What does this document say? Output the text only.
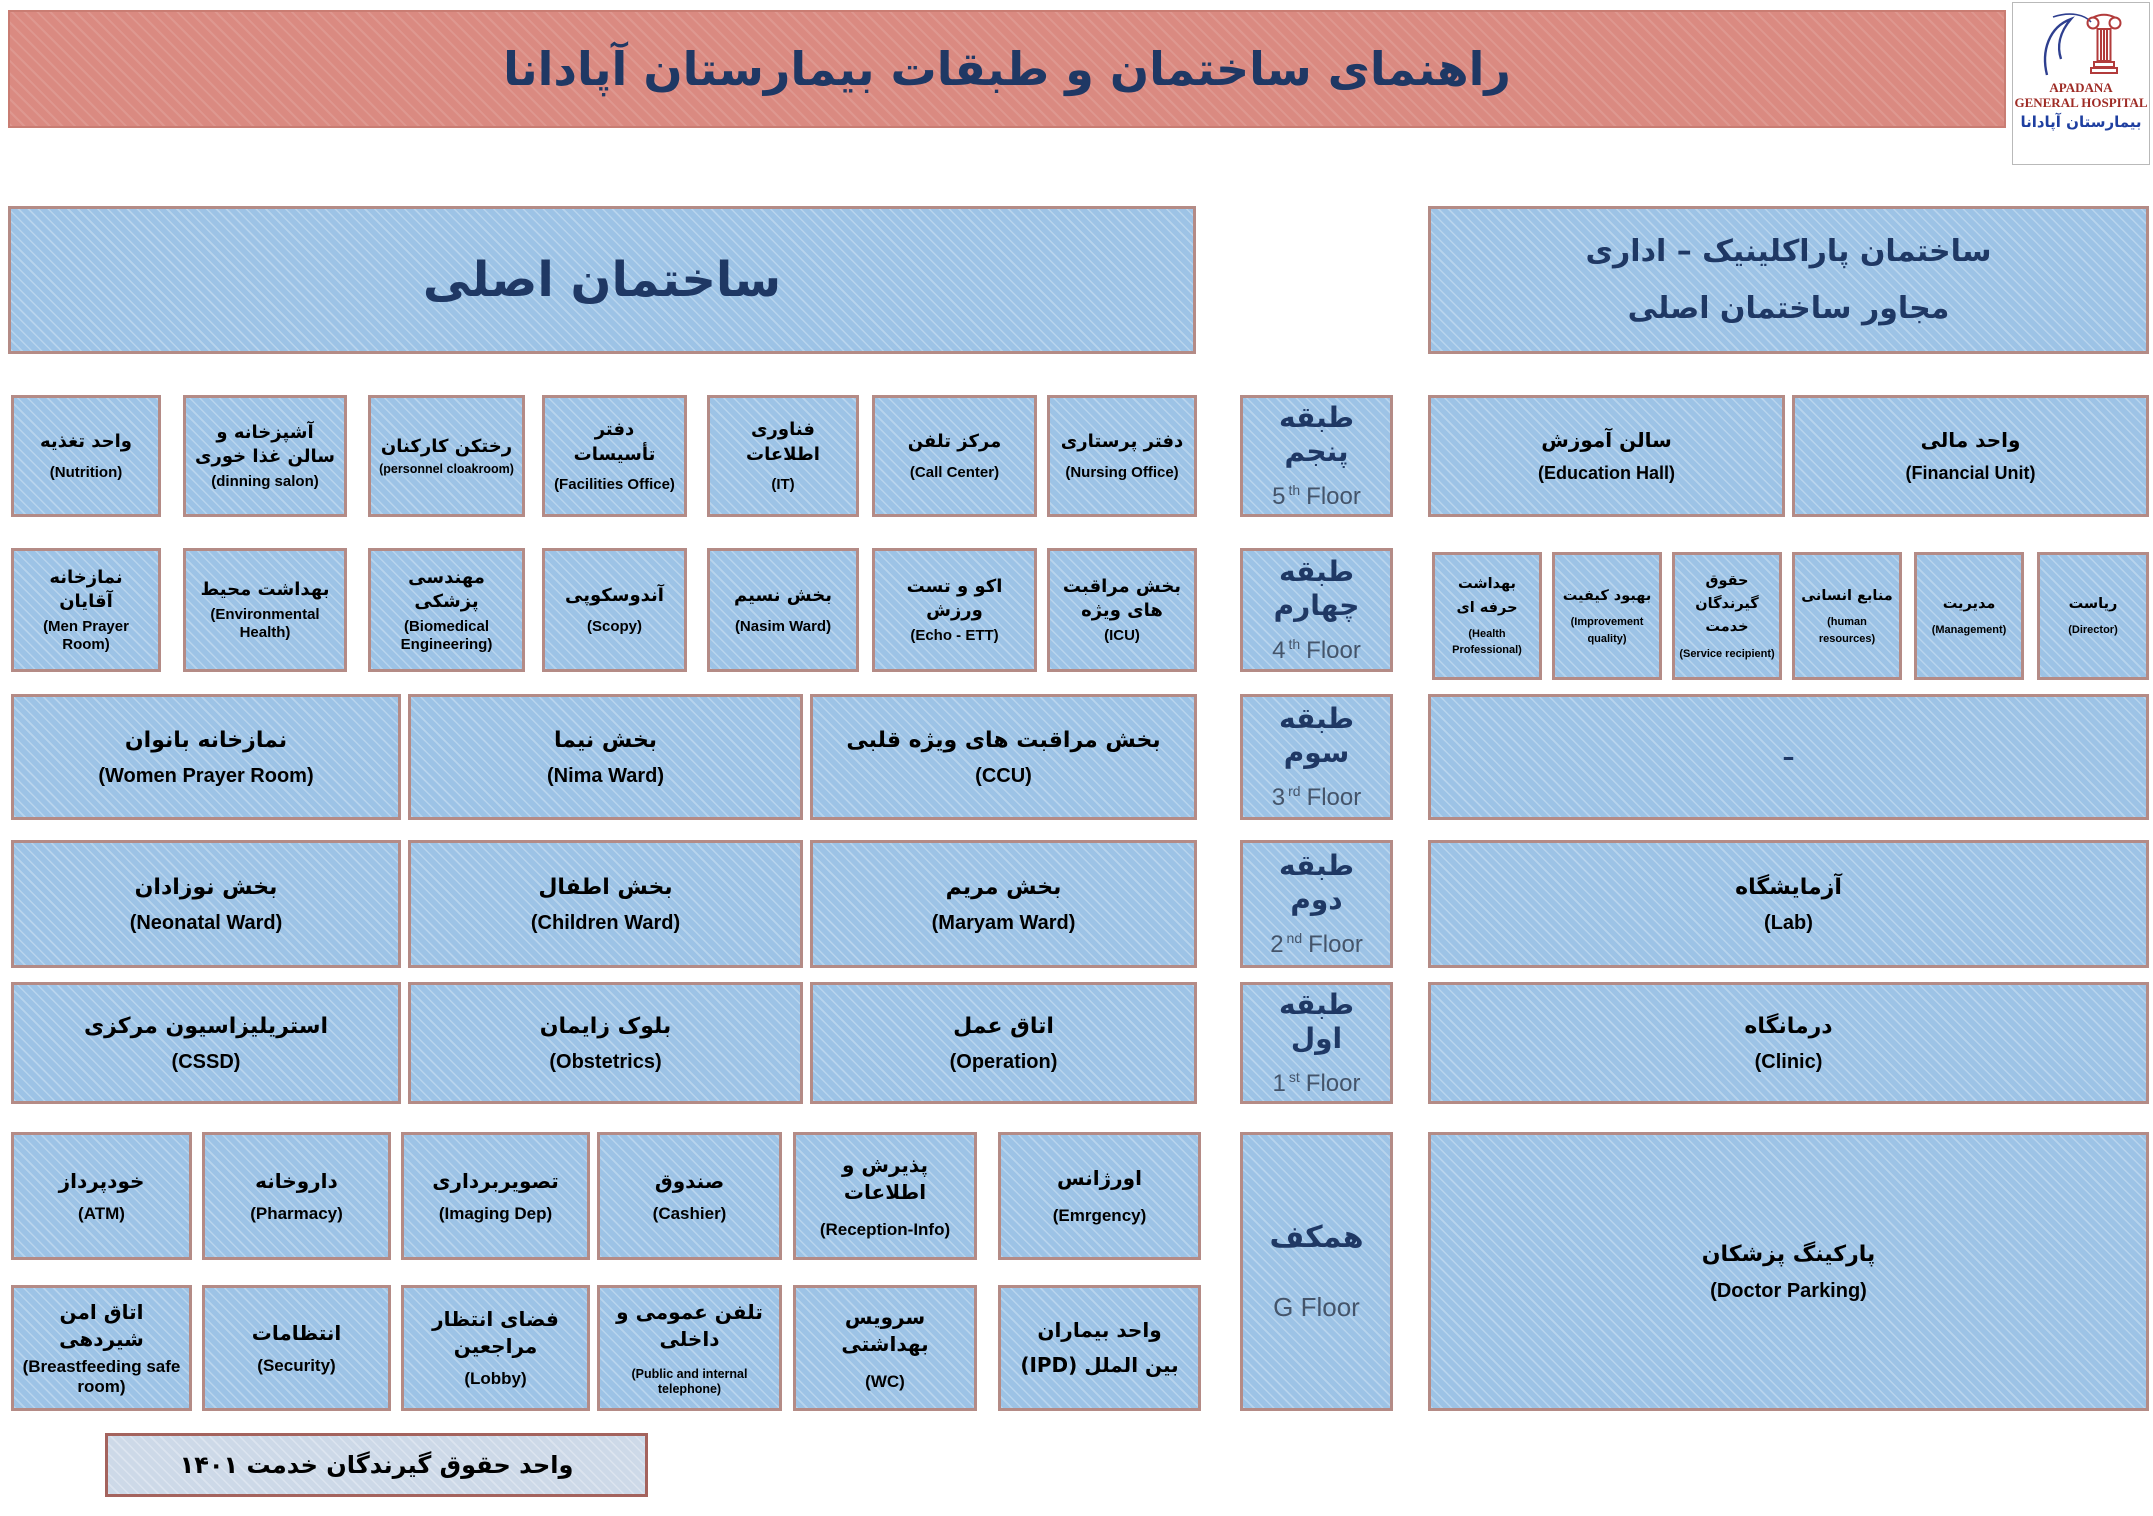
راهنمای ساختمان و طبقات بیمارستان آپادانا	APADANA
GENERAL HOSPITAL
بیمارستان آپادانا
ساختمان اصلی
ساختمان پاراکلینیک – اداری
مجاور ساختمان اصلی
واحد تغذیه
(Nutrition)
آشپزخانه و سالن غذا خوری
(dinning salon)
رختکن کارکنان
(personnel cloakroom)
دفتر تأسیسات
(Facilities Office)
فناوری اطلاعات
(IT)
مرکز تلفن
(Call Center)
دفتر پرستاری
(Nursing Office)
طبقه پنجم
5 $^{th}$ Floor
سالن آموزش
(Education Hall)
واحد مالی
(Financial Unit)
نمازخانه آقایان
(Men Prayer Room)
بهداشت محیط
(Environmental Health)
مهندسی پزشکی
(Biomedical Engineering)
آندوسکوپی
(Scopy)
بخش نسیم
(Nasim Ward)
اکو و تست ورزش
(Echo - ETT)
بخش مراقبت های ویژه
(ICU)
طبقه چهارم
4 $^{th}$ Floor
بهداشت حرفه ای
(Health Professional)
بهبود کیفیت
(Improvement quality)
حقوق گیرندگان خدمت
(Service recipient)
منابع انسانی
(human resources)
مدیریت
(Management)
ریاست
(Director)
نمازخانه بانوان
(Women Prayer Room)
بخش نیما
(Nima Ward)
بخش مراقبت های ویژه قلبی
(CCU)
طبقه سوم
3 $^{rd}$ Floor
–
بخش نوزادان
(Neonatal Ward)
بخش اطفال
(Children Ward)
بخش مریم
(Maryam Ward)
طبقه دوم
2 $^{nd}$ Floor
آزمایشگاه
(Lab)
استریلیزاسیون مرکزی
(CSSD)
بلوک زایمان
(Obstetrics)
اتاق عمل
(Operation)
طبقه اول
1 $^{st}$ Floor
درمانگاه
(Clinic)
خودپرداز
(ATM)
داروخانه
(Pharmacy)
تصویربرداری
(Imaging Dep)
صندوق
(Cashier)
پذیرش و اطلاعات
(Reception-Info)
اورژانس
(Emrgency)
اتاق امن شیردهی
(Breastfeeding safe room)
انتظامات
(Security)
فضای انتظار مراجعین
(Lobby)
تلفن عمومی و داخلی
(Public and internal telephone)
سرویس بهداشتی
(WC)
واحد بیماران
بین الملل (IPD)
همکف
G Floor
پارکینگ پزشکان
(Doctor Parking)
واحد حقوق گیرندگان خدمت ۱۴۰۱
